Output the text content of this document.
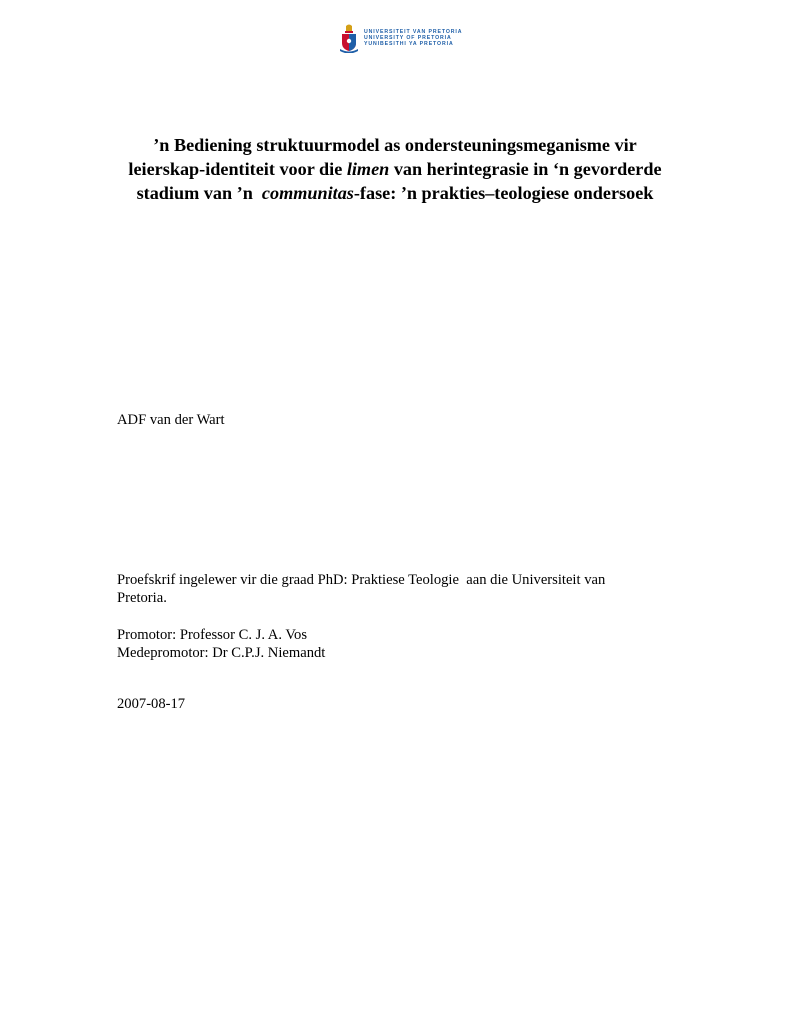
UNIVERSITEIT VAN PRETORIA
UNIVERSITY OF PRETORIA
YUNIBESITHI YA PRETORIA
’n Bediening struktuurmodel as ondersteuningsmeganisme vir
leierskap-identiteit voor die limen van herintegrasie in ‘n gevorderde
stadium van ’n  communitas-fase: ’n prakties–teologiese ondersoek
ADF van der Wart
Proefskrif ingelewer vir die graad PhD: Praktiese Teologie  aan die Universiteit van
Pretoria.
Promotor: Professor C. J. A. Vos
Medepromotor: Dr C.P.J. Niemandt
2007-08-17
